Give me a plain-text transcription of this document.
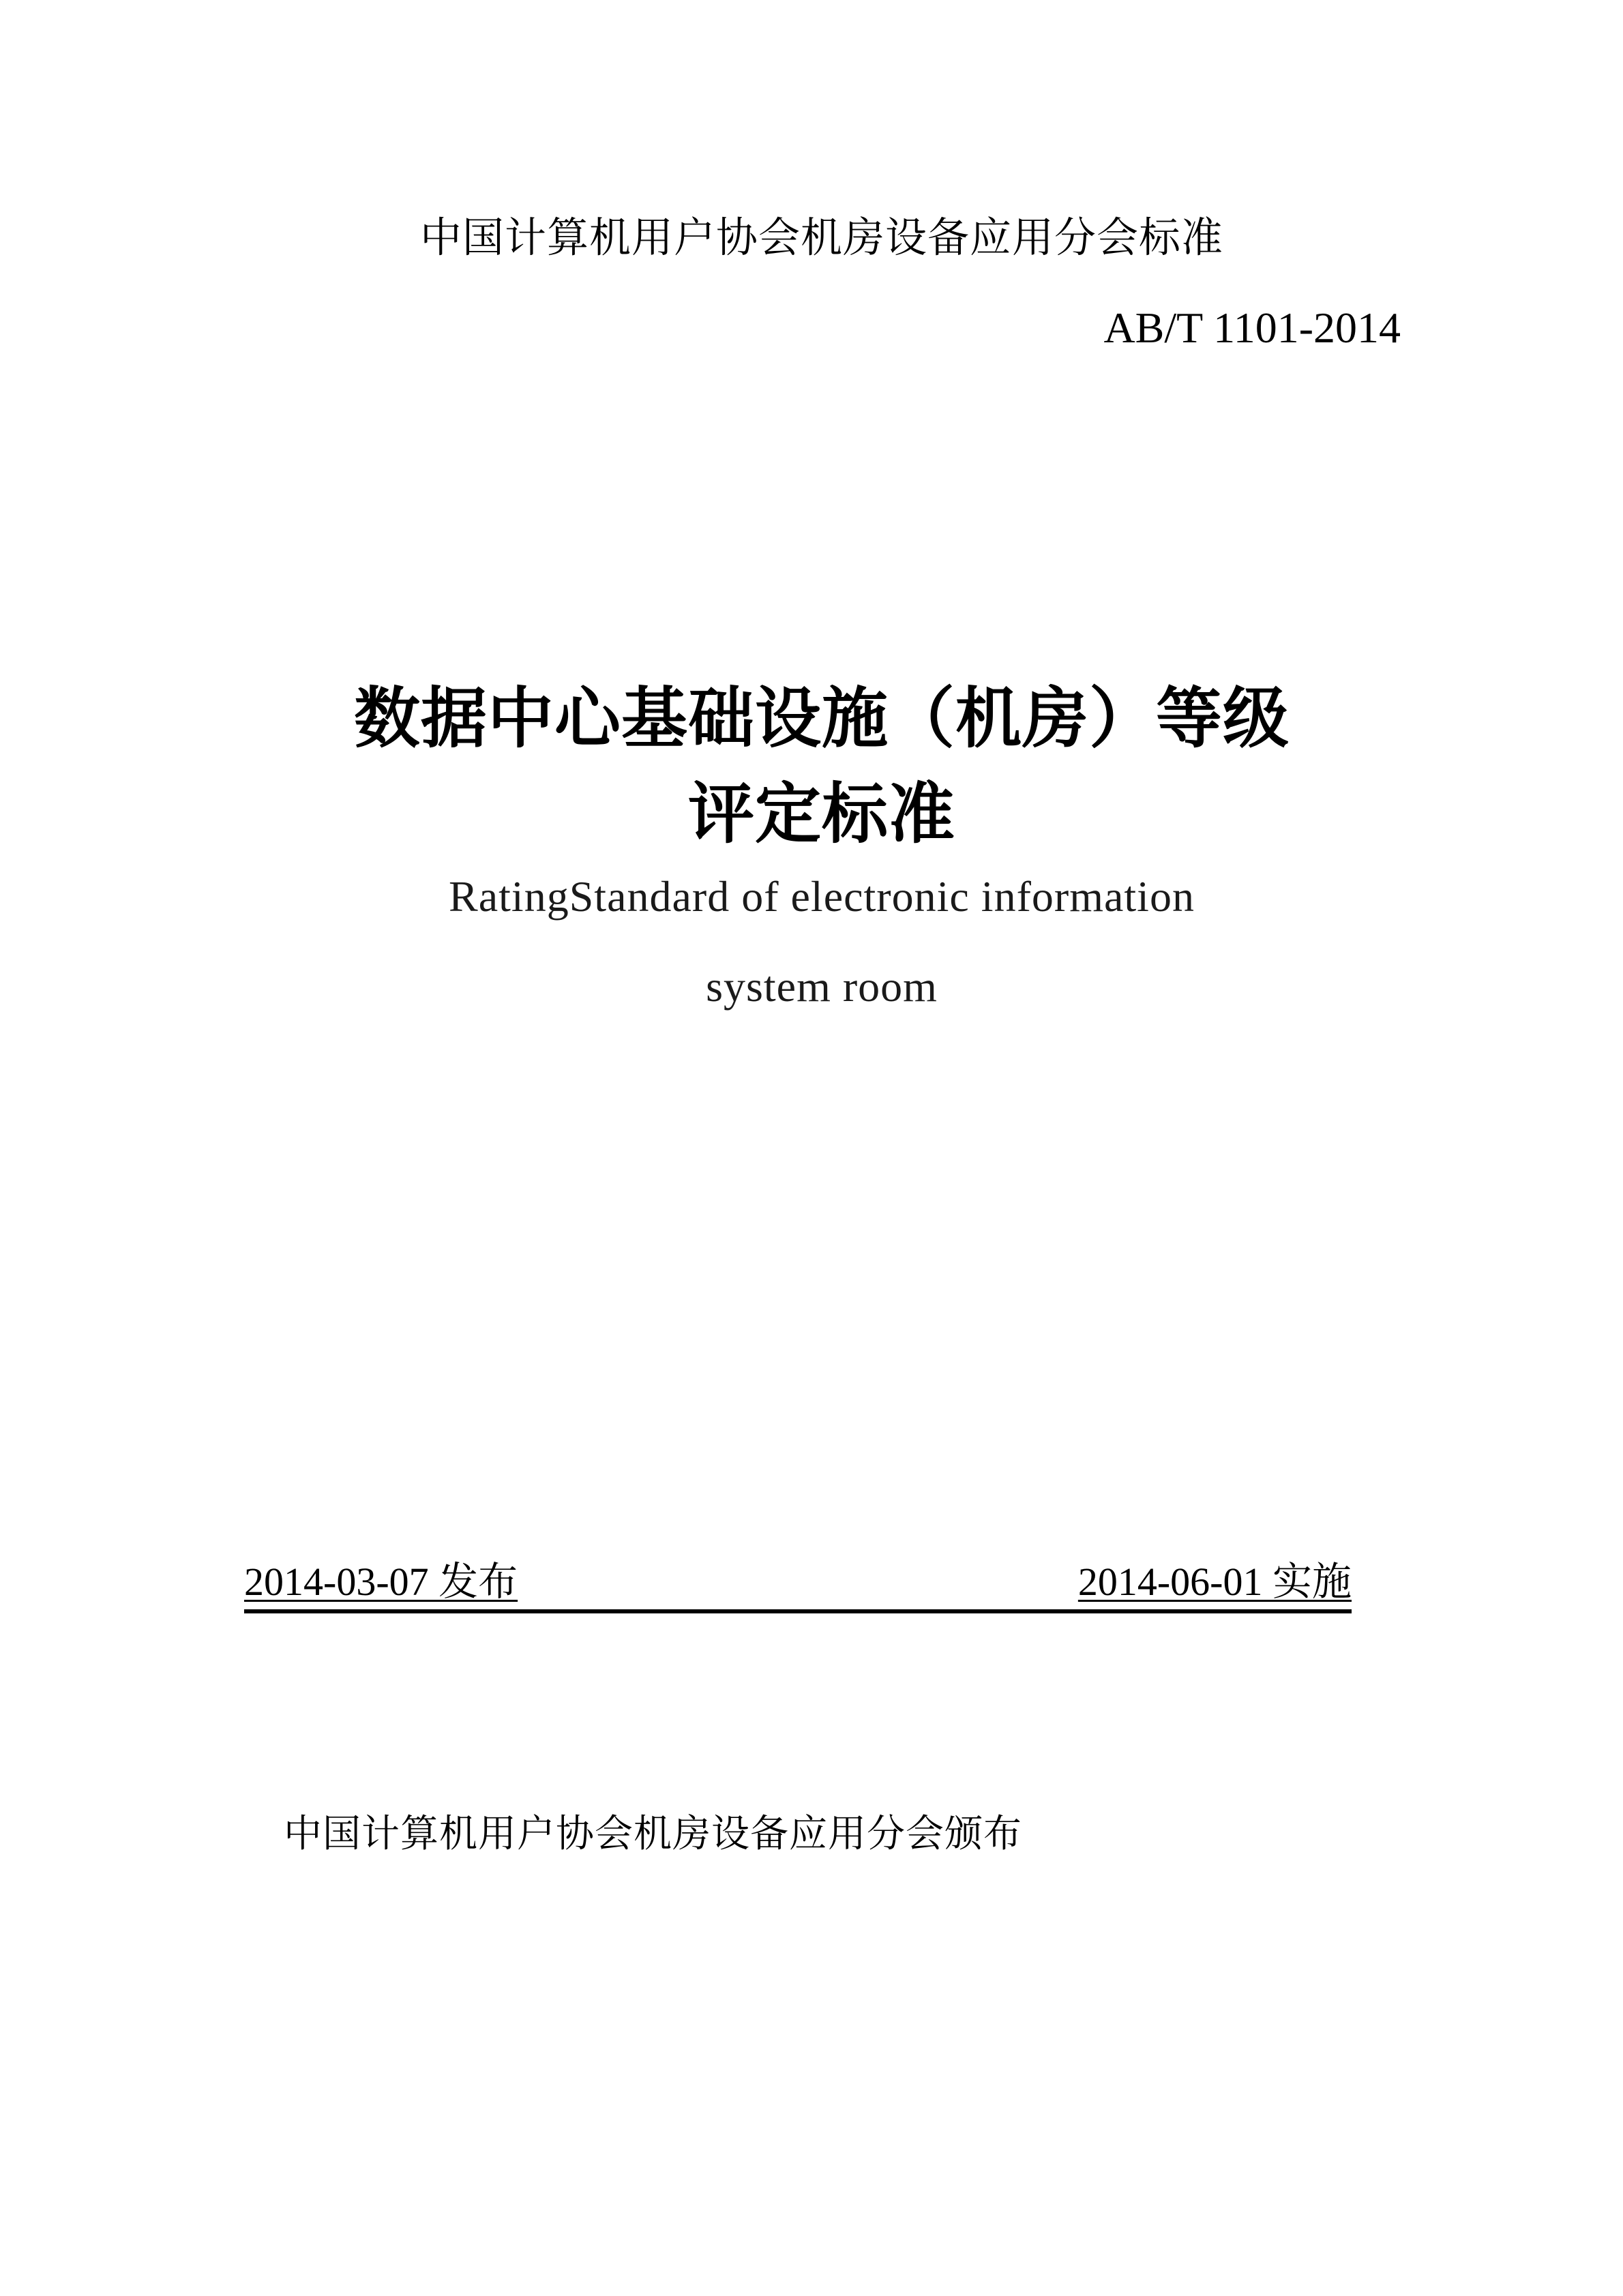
中国计算机用户协会机房设备应用分会标准
AB/T 1101-2014
数据中心基础设施（机房）等级
评定标准
RatingStandard of electronic information
system room
2014-03-07 发布	2014-06-01 实施
中国计算机用户协会机房设备应用分会颁布
